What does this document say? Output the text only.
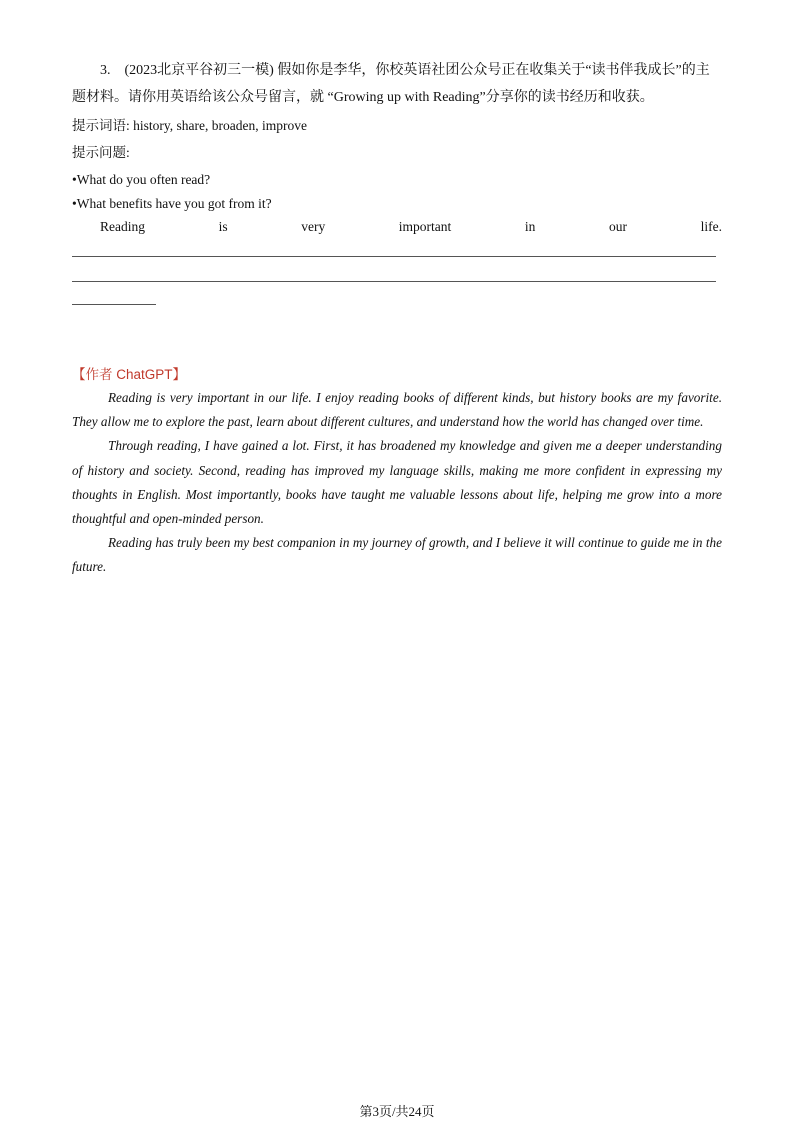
3.　(2023北京平谷初三一模) 假如你是李华，你校英语社团公众号正在收集关于“读书伴我成长”的主
题材料。请你用英语给该公众号留言，就 “Growing up with Reading”分享你的读书经历和收获。
提示词语: history, share, broaden, improve
提示问题:
•What do you often read?
•What benefits have you got from it?
Reading	is	very	important	in	our	life.
【作者 ChatGPT】

Reading is very important in our life. I enjoy reading books of different kinds, but history books are my favorite. They allow me to explore the past, learn about different cultures, and understand how the world has changed over time.

Through reading, I have gained a lot. First, it has broadened my knowledge and given me a deeper understanding of history and society. Second, reading has improved my language skills, making me more confident in expressing my thoughts in English. Most importantly, books have taught me valuable lessons about life, helping me grow into a more thoughtful and open-minded person.

Reading has truly been my best companion in my journey of growth, and I believe it will continue to guide me in the future.

第3页/共24页
